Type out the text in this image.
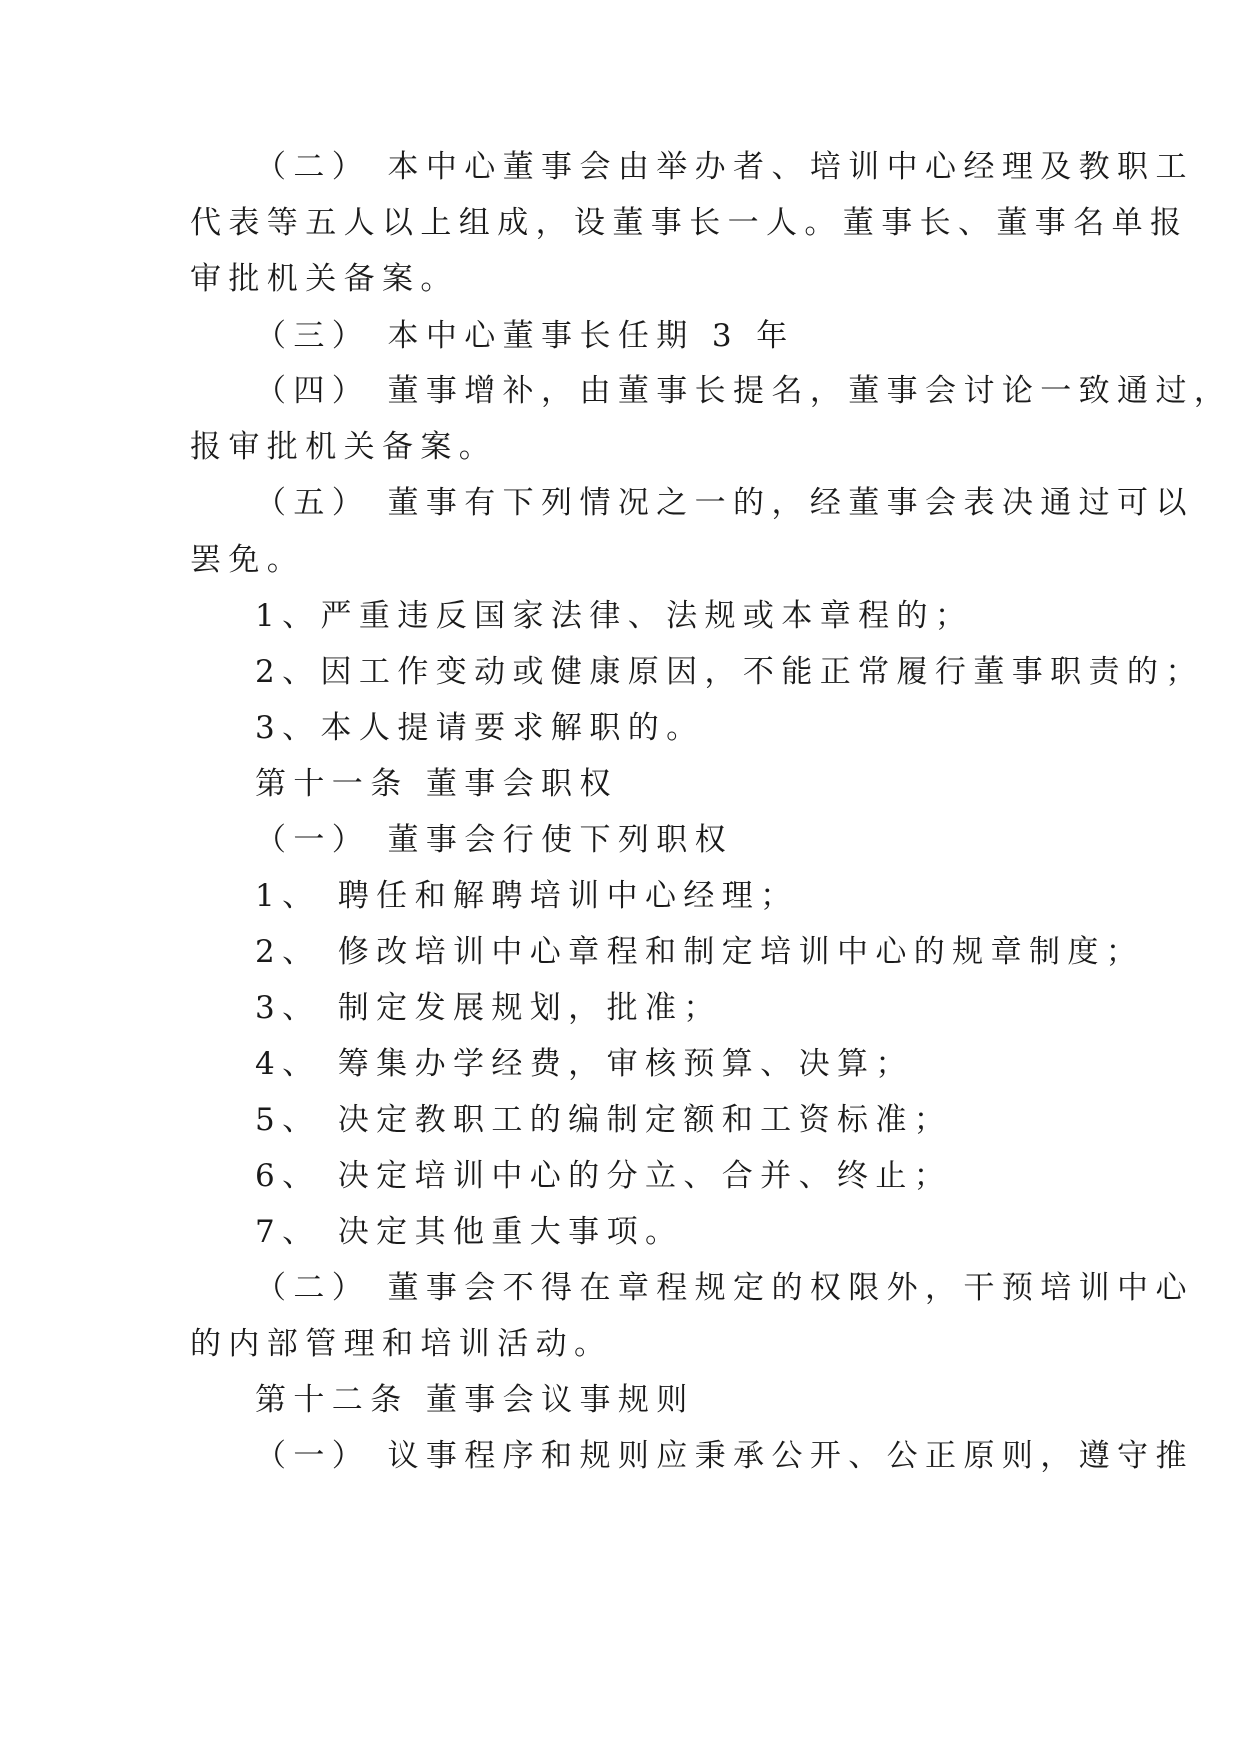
（二） 本中心董事会由举办者、培训中心经理及教职工
代表等五人以上组成，设董事长一人。董事长、董事名单报
审批机关备案。
（三） 本中心董事长任期 3 年
（四） 董事增补，由董事长提名，董事会讨论一致通过，
报审批机关备案。
（五） 董事有下列情况之一的，经董事会表决通过可以
罢免。
1、严重违反国家法律、法规或本章程的；
2、因工作变动或健康原因，不能正常履行董事职责的；
3、本人提请要求解职的。
第十一条 董事会职权
（一） 董事会行使下列职权
1、 聘任和解聘培训中心经理；
2、 修改培训中心章程和制定培训中心的规章制度；
3、 制定发展规划，批准；
4、 筹集办学经费，审核预算、决算；
5、 决定教职工的编制定额和工资标准；
6、 决定培训中心的分立、合并、终止；
7、 决定其他重大事项。
（二） 董事会不得在章程规定的权限外，干预培训中心
的内部管理和培训活动。
第十二条 董事会议事规则
（一） 议事程序和规则应秉承公开、公正原则，遵守推
